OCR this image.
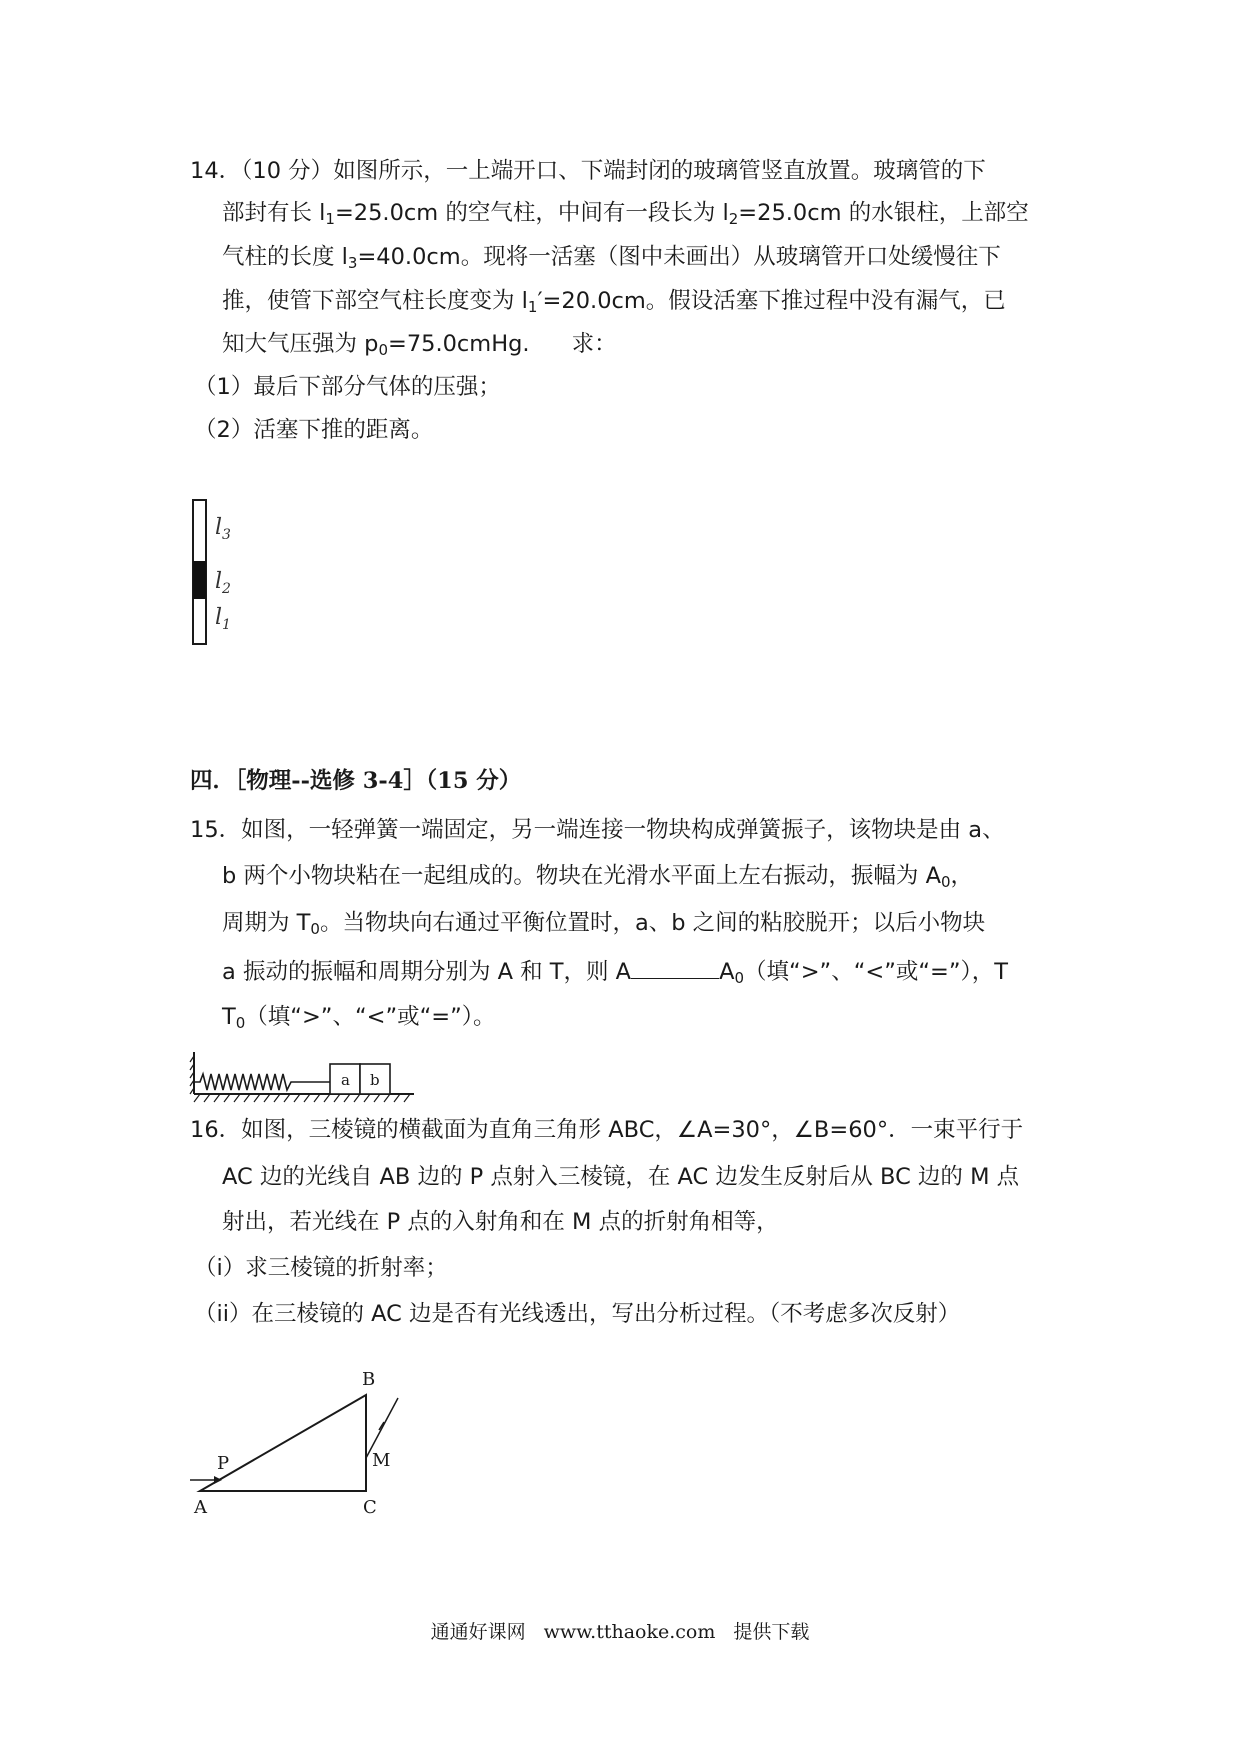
14．（10 分）如图所示，一上端开口、下端封闭的玻璃管竖直放置。玻璃管的下
部封有长 $l_1=25.0cm$ 的空气柱，中间有一段长为 $l_2=25.0cm$ 的水银柱，上部空
气柱的长度 $l_3=40.0cm$。现将一活塞（图中未画出）从玻璃管开口处缓慢往下
推，使管下部空气柱长度变为 $l_1'=20.0cm$。假设活塞下推过程中没有漏气，已
知大气压强为 $p_0=75.0cmHg$. 求：
（1）最后下部分气体的压强；
（2）活塞下推的距离。
$l_3$
$l_2$
$l_1$
四．［物理--选修 3-4］（15 分）
15．如图，一轻弹簧一端固定，另一端连接一物块构成弹簧振子，该物块是由 a、
b 两个小物块粘在一起组成的。物块在光滑水平面上左右振动，振幅为 $A_0$，
周期为 $T_0$。当物块向右通过平衡位置时，a、b 之间的粘胶脱开；以后小物块
a 振动的振幅和周期分别为 A 和 T，则 A	$A_0$（填“>”、“<”或“=”），T
$T_0$（填“>”、“<”或“=”）。
a b
16．如图，三棱镜的横截面为直角三角形 ABC，∠A=30°，∠B=60°．一束平行于
AC 边的光线自 AB 边的 P 点射入三棱镜，在 AC 边发生反射后从 BC 边的 M 点
射出，若光线在 P 点的入射角和在 M 点的折射角相等，
（i）求三棱镜的折射率；
（ii）在三棱镜的 AC 边是否有光线透出，写出分析过程。（不考虑多次反射）
A
B
C
P	M
通通好课网 www.tthaoke.com 提供下载
